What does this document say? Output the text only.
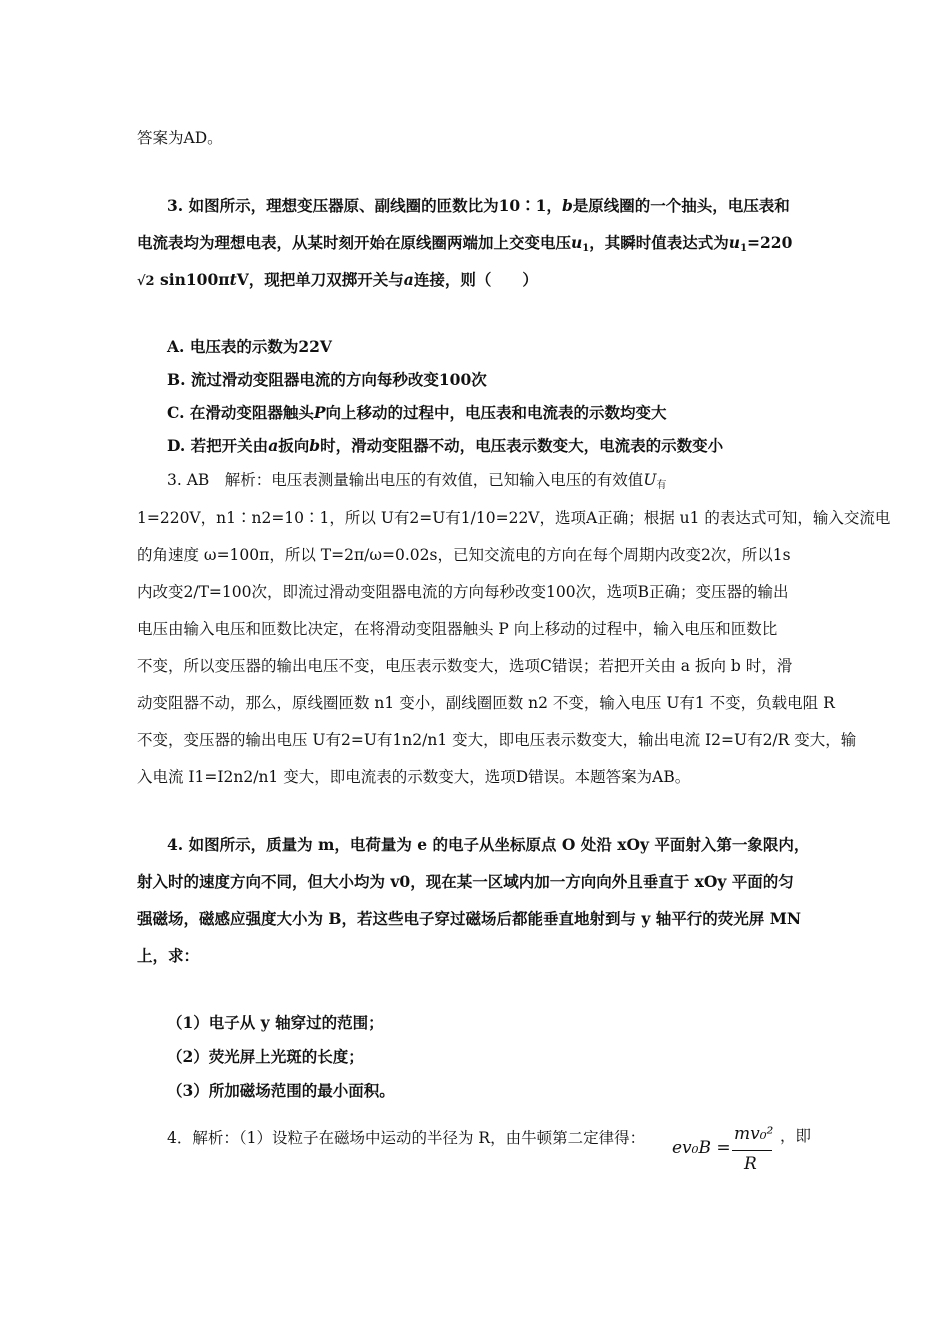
答案为AD。
3. 如图所示，理想变压器原、副线圈的匝数比为10∶1，b是原线圈的一个抽头，电压表和
电流表均为理想电表，从某时刻开始在原线圈两端加上交变电压$u_1$，其瞬时值表达式为$u_1=220$
√2 sin100πtV，现把单刀双掷开关与a连接，则（　　）
A. 电压表的示数为22V
B. 流过滑动变阻器电流的方向每秒改变100次
C. 在滑动变阻器触头P向上移动的过程中，电压表和电流表的示数均变大
D. 若把开关由a扳向b时，滑动变阻器不动，电压表示数变大，电流表的示数变小
3. AB　解析：电压表测量输出电压的有效值，已知输入电压的有效值$U_有$
1=220V，n1∶n2=10∶1，所以 U有2=U有1/10=22V，选项A正确；根据 u1 的表达式可知，输入交流电
的角速度 ω=100π，所以 T=2π/ω=0.02s，已知交流电的方向在每个周期内改变2次，所以1s
内改变2/T=100次，即流过滑动变阻器电流的方向每秒改变100次，选项B正确；变压器的输出
电压由输入电压和匝数比决定，在将滑动变阻器触头 P 向上移动的过程中，输入电压和匝数比
不变，所以变压器的输出电压不变，电压表示数变大，选项C错误；若把开关由 a 扳向 b 时，滑
动变阻器不动，那么，原线圈匝数 n1 变小，副线圈匝数 n2 不变，输入电压 U有1 不变，负载电阻 R
不变，变压器的输出电压 U有2=U有1n2/n1 变大，即电压表示数变大，输出电流 I2=U有2/R 变大，输
入电流 I1=I2n2/n1 变大，即电流表的示数变大，选项D错误。本题答案为AB。
4. 如图所示，质量为 m，电荷量为 e 的电子从坐标原点 O 处沿 xOy 平面射入第一象限内，
射入时的速度方向不同，但大小均为 v0，现在某一区域内加一方向向外且垂直于 xOy 平面的匀
强磁场，磁感应强度大小为 B，若这些电子穿过磁场后都能垂直地射到与 y 轴平行的荧光屏 MN
上，求：
（1）电子从 y 轴穿过的范围；
（2）荧光屏上光斑的长度；
（3）所加磁场范围的最小面积。
4．解析：（1）设粒子在磁场中运动的半径为 R，由牛顿第二定律得： ev₀B =
mv₀²
R
，即
